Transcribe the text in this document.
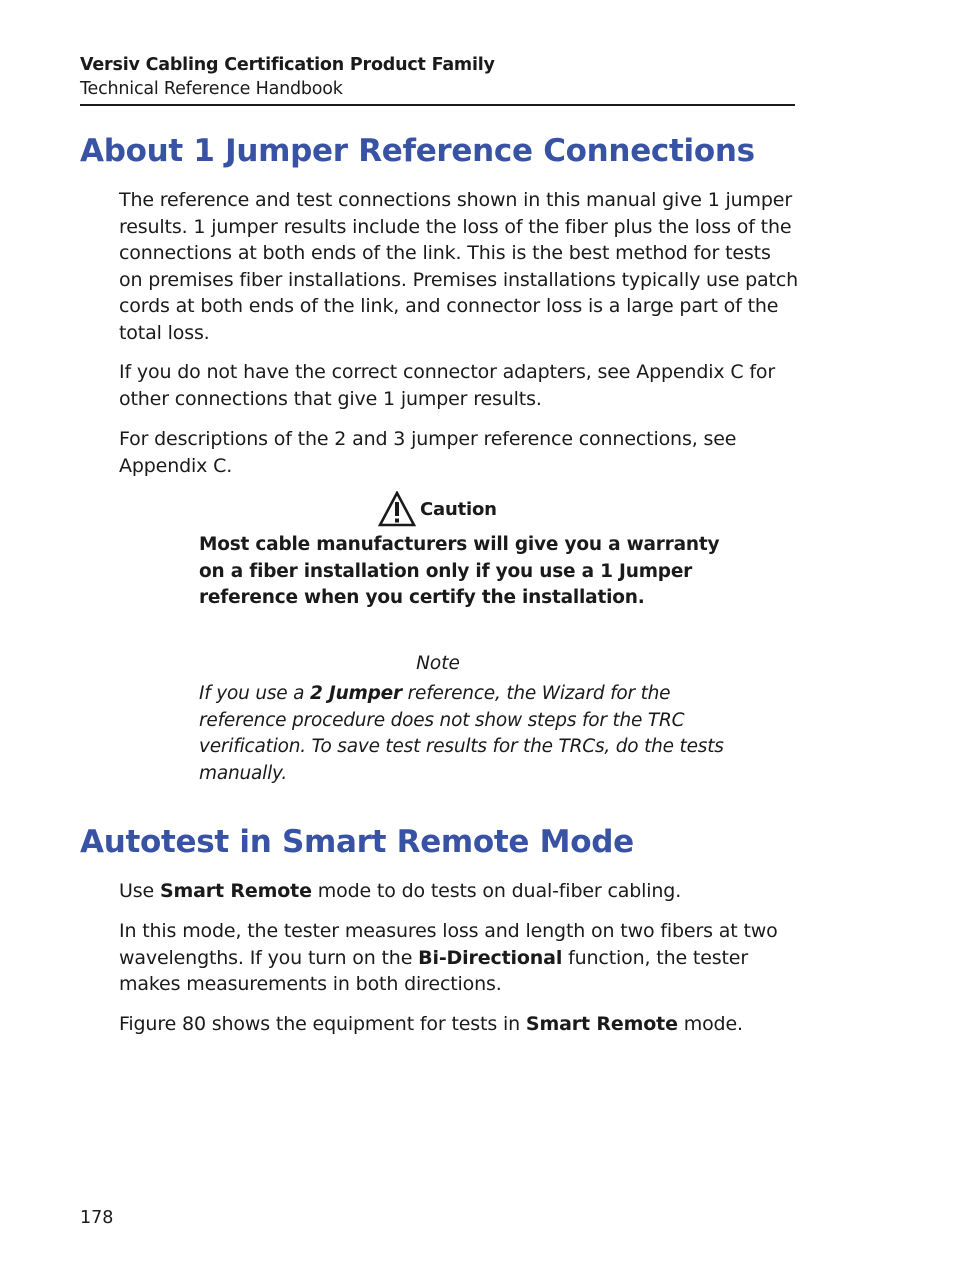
Versiv Cabling Certification Product Family
Technical Reference Handbook
About 1 Jumper Reference Connections

The reference and test connections shown in this manual give 1 jumper results. 1 jumper results include the loss of the fiber plus the loss of the connections at both ends of the link. This is the best method for tests on premises fiber installations. Premises installations typically use patch cords at both ends of the link, and connector loss is a large part of the total loss.

If you do not have the correct connector adapters, see Appendix C for other connections that give 1 jumper results.

For descriptions of the 2 and 3 jumper reference connections, see Appendix C.

Caution

Most cable manufacturers will give you a warranty on a fiber installation only if you use a 1 Jumper reference when you certify the installation.

Note

If you use a 2 Jumper reference, the Wizard for the reference procedure does not show steps for the TRC verification. To save test results for the TRCs, do the tests manually.

Autotest in Smart Remote Mode

Use Smart Remote mode to do tests on dual-fiber cabling.

In this mode, the tester measures loss and length on two fibers at two wavelengths. If you turn on the Bi-Directional function, the tester makes measurements in both directions.

Figure 80 shows the equipment for tests in Smart Remote mode.

178
